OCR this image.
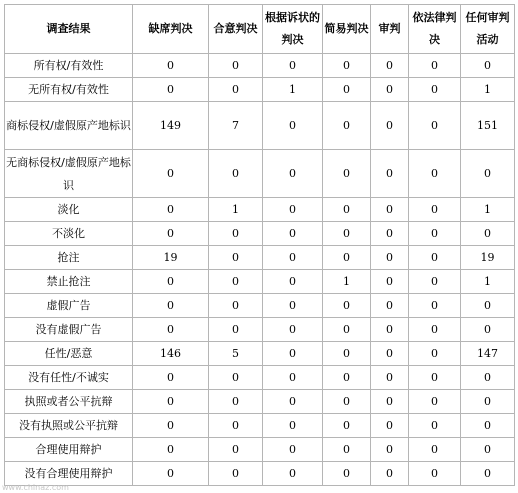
调查结果	缺席判决	合意判决	根据诉状的判决	简易判决	审判	依法律判决	任何审判活动
所有权/有效性	0	0	0	0	0	0	0
无所有权/有效性	0	0	1	0	0	0	1
商标侵权/虚假原产地标识	149	7	0	0	0	0	151
无商标侵权/虚假原产地标识	0	0	0	0	0	0	0
淡化	0	1	0	0	0	0	1
不淡化	0	0	0	0	0	0	0
抢注	19	0	0	0	0	0	19
禁止抢注	0	0	0	1	0	0	1
虚假广告	0	0	0	0	0	0	0
没有虚假广告	0	0	0	0	0	0	0
任性/恶意	146	5	0	0	0	0	147
没有任性/不诚实	0	0	0	0	0	0	0
执照或者公平抗辩	0	0	0	0	0	0	0
没有执照或公平抗辩	0	0	0	0	0	0	0
合理使用辩护	0	0	0	0	0	0	0
没有合理使用辩护	0	0	0	0	0	0	0
www.chinaz.com
